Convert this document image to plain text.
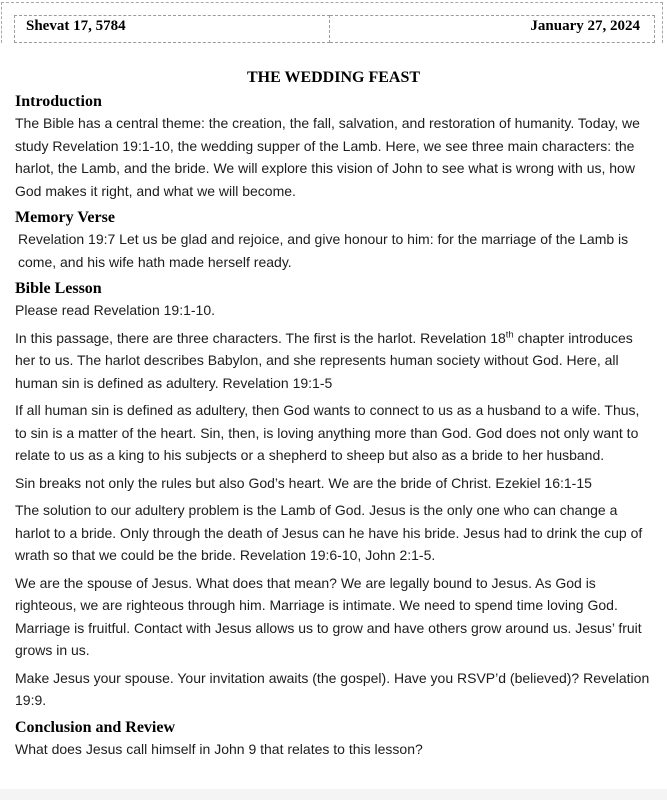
Shevat 17, 5784	January 27, 2024
THE WEDDING FEAST
Introduction

The Bible has a central theme: the creation, the fall, salvation, and restoration of humanity. Today, we study Revelation 19:1-10, the wedding supper of the Lamb. Here, we see three main characters: the harlot, the Lamb, and the bride. We will explore this vision of John to see what is wrong with us, how God makes it right, and what we will become.

Memory Verse

Revelation 19:7 Let us be glad and rejoice, and give honour to him: for the marriage of the Lamb is come, and his wife hath made herself ready.

Bible Lesson

Please read Revelation 19:1-10.

In this passage, there are three characters. The first is the harlot. Revelation 18th chapter introduces her to us. The harlot describes Babylon, and she represents human society without God. Here, all human sin is defined as adultery. Revelation 19:1-5

If all human sin is defined as adultery, then God wants to connect to us as a husband to a wife. Thus, to sin is a matter of the heart. Sin, then, is loving anything more than God. God does not only want to relate to us as a king to his subjects or a shepherd to sheep but also as a bride to her husband.

Sin breaks not only the rules but also God’s heart. We are the bride of Christ. Ezekiel 16:1-15

The solution to our adultery problem is the Lamb of God. Jesus is the only one who can change a harlot to a bride. Only through the death of Jesus can he have his bride. Jesus had to drink the cup of wrath so that we could be the bride. Revelation 19:6-10, John 2:1-5.

We are the spouse of Jesus. What does that mean? We are legally bound to Jesus. As God is righteous, we are righteous through him. Marriage is intimate. We need to spend time loving God. Marriage is fruitful. Contact with Jesus allows us to grow and have others grow around us. Jesus’ fruit grows in us.

Make Jesus your spouse. Your invitation awaits (the gospel). Have you RSVP’d (believed)? Revelation 19:9.

Conclusion and Review

What does Jesus call himself in John 9 that relates to this lesson?
